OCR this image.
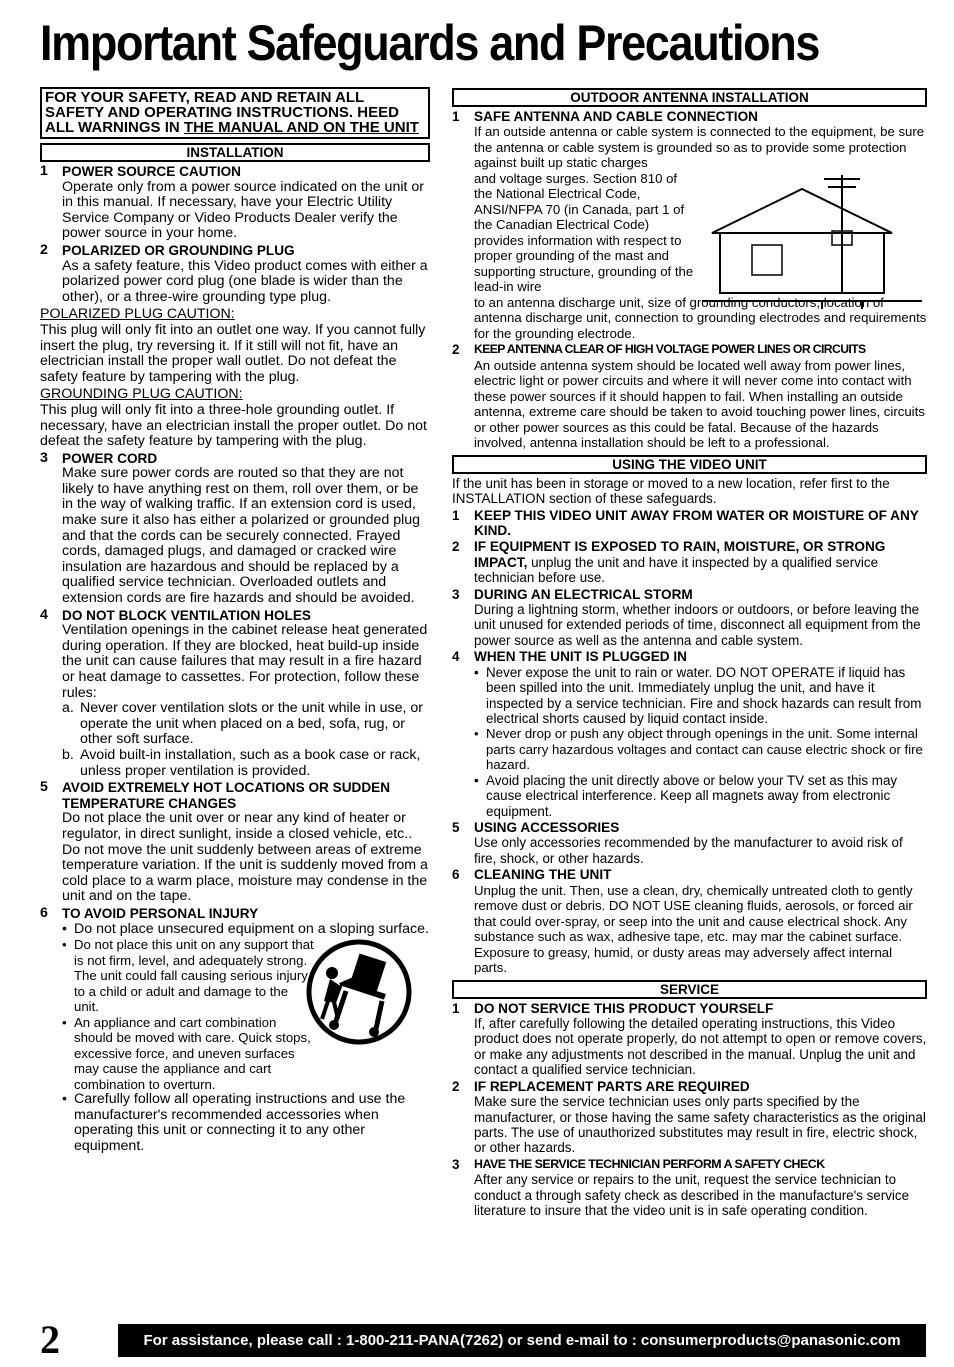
Important Safeguards and Precautions
FOR YOUR SAFETY, READ AND RETAIN ALL SAFETY AND OPERATING INSTRUCTIONS. HEED ALL WARNINGS IN THE MANUAL AND ON THE UNIT
INSTALLATION
1	POWER SOURCE CAUTION
Operate only from a power source indicated on the unit or in this manual. If necessary, have your Electric Utility Service Company or Video Products Dealer verify the power source in your home.
2	POLARIZED OR GROUNDING PLUG
As a safety feature, this Video product comes with either a polarized power cord plug (one blade is wider than the other), or a three-wire grounding type plug.
POLARIZED PLUG CAUTION:
This plug will only fit into an outlet one way. If you cannot fully insert the plug, try reversing it. If it still will not fit, have an electrician install the proper wall outlet. Do not defeat the safety feature by tampering with the plug.
GROUNDING PLUG CAUTION:
This plug will only fit into a three-hole grounding outlet. If necessary, have an electrician install the proper outlet. Do not defeat the safety feature by tampering with the plug.
3	POWER CORD
Make sure power cords are routed so that they are not likely to have anything rest on them, roll over them, or be in the way of walking traffic. If an extension cord is used, make sure it also has either a polarized or grounded plug and that the cords can be securely connected. Frayed cords, damaged plugs, and damaged or cracked wire insulation are hazardous and should be replaced by a qualified service technician. Overloaded outlets and extension cords are fire hazards and should be avoided.
4	DO NOT BLOCK VENTILATION HOLES
Ventilation openings in the cabinet release heat generated during operation. If they are blocked, heat build-up inside the unit can cause failures that may result in a fire hazard or heat damage to cassettes. For protection, follow these rules:
a. Never cover ventilation slots or the unit while in use, or operate the unit when placed on a bed, sofa, rug, or other soft surface.
b. Avoid built-in installation, such as a book case or rack, unless proper ventilation is provided.
5	AVOID EXTREMELY HOT LOCATIONS OR SUDDEN TEMPERATURE CHANGES
Do not place the unit over or near any kind of heater or regulator, in direct sunlight, inside a closed vehicle, etc.. Do not move the unit suddenly between areas of extreme temperature variation. If the unit is suddenly moved from a cold place to a warm place, moisture may condense in the unit and on the tape.
6	TO AVOID PERSONAL INJURY
• Do not place unsecured equipment on a sloping surface.
• Do not place this unit on any support that is not firm, level, and adequately strong. The unit could fall causing serious injury to a child or adult and damage to the unit.
• An appliance and cart combination should be moved with care. Quick stops, excessive force, and uneven surfaces may cause the appliance and cart combination to overturn.
• Carefully follow all operating instructions and use the manufacturer's recommended accessories when operating this unit or connecting it to any other equipment.
OUTDOOR ANTENNA INSTALLATION
1	SAFE ANTENNA AND CABLE CONNECTION
If an outside antenna or cable system is connected to the equipment, be sure the antenna or cable system is grounded so as to provide some protection against built up static charges
and voltage surges. Section 810 of the National Electrical Code, ANSI/NFPA 70 (in Canada, part 1 of the Canadian Electrical Code) provides information with respect to proper grounding of the mast and supporting structure, grounding of the lead-in wire
to an antenna discharge unit, size of grounding conductors, location of antenna discharge unit, connection to grounding electrodes and requirements for the grounding electrode.
2	KEEP ANTENNA CLEAR OF HIGH VOLTAGE POWER LINES OR CIRCUITS
An outside antenna system should be located well away from power lines, electric light or power circuits and where it will never come into contact with these power sources if it should happen to fail. When installing an outside antenna, extreme care should be taken to avoid touching power lines, circuits or other power sources as this could be fatal. Because of the hazards involved, antenna installation should be left to a professional.
USING THE VIDEO UNIT
If the unit has been in storage or moved to a new location, refer first to the INSTALLATION section of these safeguards.
1	KEEP THIS VIDEO UNIT AWAY FROM WATER OR MOISTURE OF ANY KIND.
2	IF EQUIPMENT IS EXPOSED TO RAIN, MOISTURE, OR STRONG IMPACT, unplug the unit and have it inspected by a qualified service technician before use.
3	DURING AN ELECTRICAL STORM
During a lightning storm, whether indoors or outdoors, or before leaving the unit unused for extended periods of time, disconnect all equipment from the power source as well as the antenna and cable system.
4	WHEN THE UNIT IS PLUGGED IN
• Never expose the unit to rain or water. DO NOT OPERATE if liquid has been spilled into the unit. Immediately unplug the unit, and have it inspected by a service technician. Fire and shock hazards can result from electrical shorts caused by liquid contact inside.
• Never drop or push any object through openings in the unit. Some internal parts carry hazardous voltages and contact can cause electric shock or fire hazard.
• Avoid placing the unit directly above or below your TV set as this may cause electrical interference. Keep all magnets away from electronic equipment.
5	USING ACCESSORIES
Use only accessories recommended by the manufacturer to avoid risk of fire, shock, or other hazards.
6	CLEANING THE UNIT
Unplug the unit. Then, use a clean, dry, chemically untreated cloth to gently remove dust or debris. DO NOT USE cleaning fluids, aerosols, or forced air that could over-spray, or seep into the unit and cause electrical shock. Any substance such as wax, adhesive tape, etc. may mar the cabinet surface. Exposure to greasy, humid, or dusty areas may adversely affect internal parts.
SERVICE
1	DO NOT SERVICE THIS PRODUCT YOURSELF
If, after carefully following the detailed operating instructions, this Video product does not operate properly, do not attempt to open or remove covers, or make any adjustments not described in the manual. Unplug the unit and contact a qualified service technician.
2	IF REPLACEMENT PARTS ARE REQUIRED
Make sure the service technician uses only parts specified by the manufacturer, or those having the same safety characteristics as the original parts. The use of unauthorized substitutes may result in fire, electric shock, or other hazards.
3	HAVE THE SERVICE TECHNICIAN PERFORM A SAFETY CHECK
After any service or repairs to the unit, request the service technician to conduct a through safety check as described in the manufacture's service literature to insure that the video unit is in safe operating condition.
2	For assistance, please call : 1-800-211-PANA(7262) or send e-mail to : consumerproducts@panasonic.com
